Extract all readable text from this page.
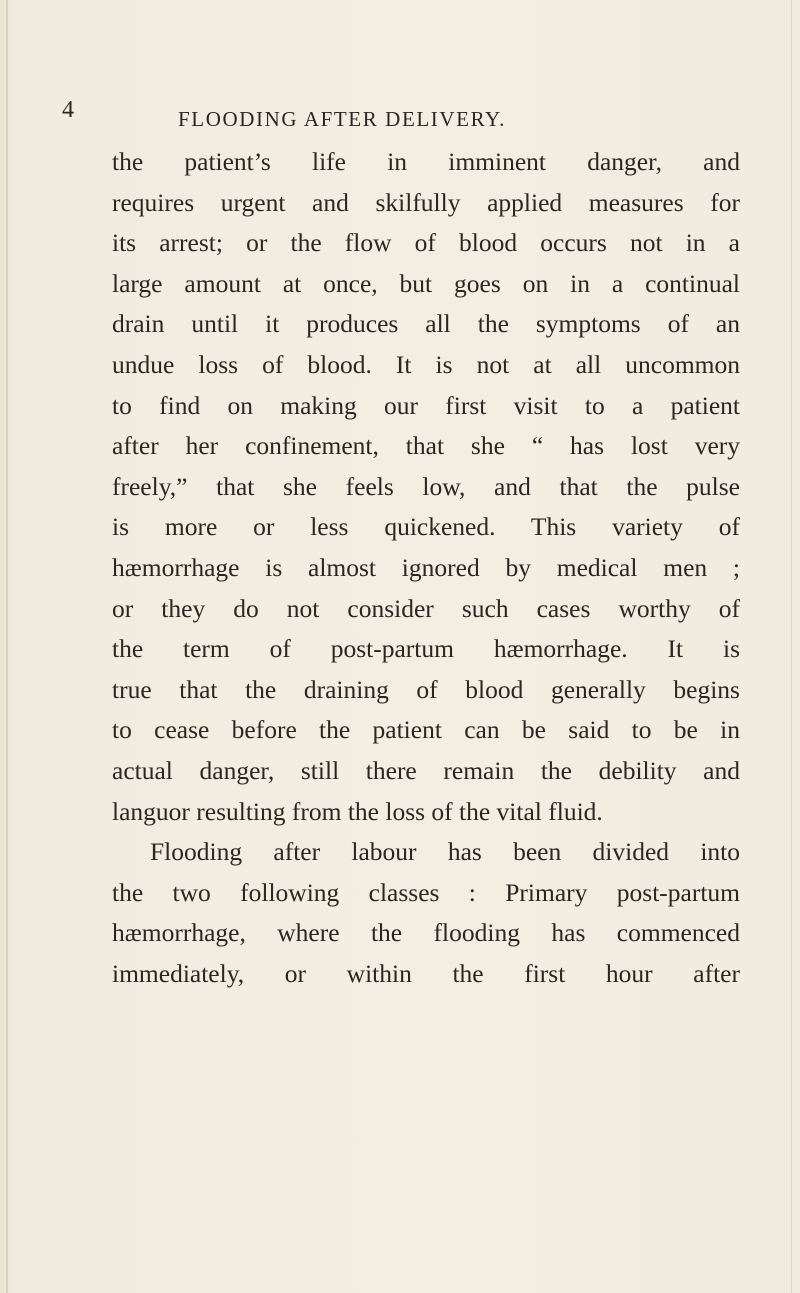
4	FLOODING AFTER DELIVERY.
the patient’s life in imminent danger, and
requires urgent and skilfully applied measures for
its arrest; or the flow of blood occurs not in a
large amount at once, but goes on in a continual
drain until it produces all the symptoms of an
undue loss of blood. It is not at all uncommon
to find on making our first visit to a patient
after her confinement, that she “ has lost very
freely,” that she feels low, and that the pulse
is more or less quickened. This variety of
hæmorrhage is almost ignored by medical men ;
or they do not consider such cases worthy of
the term of post-partum hæmorrhage. It is
true that the draining of blood generally begins
to cease before the patient can be said to be in
actual danger, still there remain the debility and
languor resulting from the loss of the vital fluid.
Flooding after labour has been divided into
the two following classes : Primary post-partum
hæmorrhage, where the flooding has commenced
immediately, or within the first hour after
